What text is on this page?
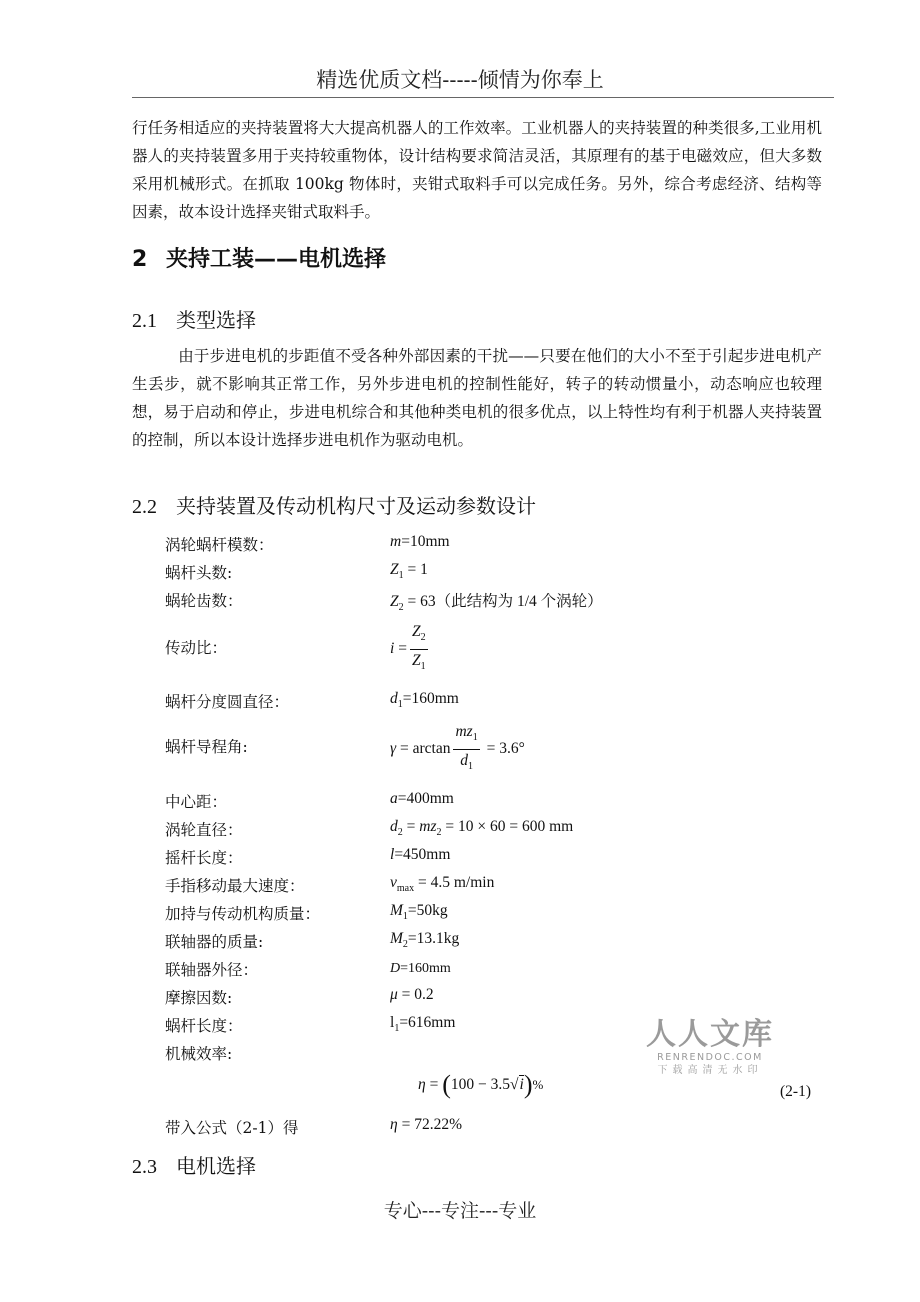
精选优质文档-----倾情为你奉上
行任务相适应的夹持装置将大大提高机器人的工作效率。工业机器人的夹持装置的种类很多,工业用机器人的夹持装置多用于夹持较重物体，设计结构要求简洁灵活，其原理有的基于电磁效应，但大多数采用机械形式。在抓取 100kg 物体时，夹钳式取料手可以完成任务。另外，综合考虑经济、结构等因素，故本设计选择夹钳式取料手。
2 夹持工装——电机选择
2.1 类型选择
由于步进电机的步距值不受各种外部因素的干扰——只要在他们的大小不至于引起步进电机产生丢步，就不影响其正常工作，另外步进电机的控制性能好，转子的转动惯量小，动态响应也较理想，易于启动和停止，步进电机综合和其他种类电机的很多优点，以上特性均有利于机器人夹持装置的控制，所以本设计选择步进电机作为驱动电机。
2.2 夹持装置及传动机构尺寸及运动参数设计
涡轮蜗杆模数：	m=10mm
蜗杆头数:	$Z_1 = 1$
蜗轮齿数：	$Z_2 = 63$（此结构为 1/4 个涡轮）
传动比：	$i = \frac{Z_2}{Z_1}$
蜗杆分度圆直径：	$d_1=160mm$
蜗杆导程角:	$\gamma = \arctan \frac{mz_1}{d_1} = 3.6^\circ$
中心距：	a=400mm
涡轮直径：	$d_2 = mz_2 = 10 \times 60 = 600$ mm
摇杆长度：	l=450mm
手指移动最大速度：	$v_{max} = 4.5$ m/min
加持与传动机构质量：	$M_1=50kg$
联轴器的质量:	$M_2=13.1kg$
联轴器外径：	D=160mm
摩擦因数:	μ = 0.2
蜗杆长度：	$l_1=616mm$
机械效率:
η = (100 − 3.5√i)%	(2-1)
带入公式（2-1）得	η = 72.22%
2.3 电机选择
人人文库
RENRENDOC.COM
下载高清无水印
专心---专注---专业
